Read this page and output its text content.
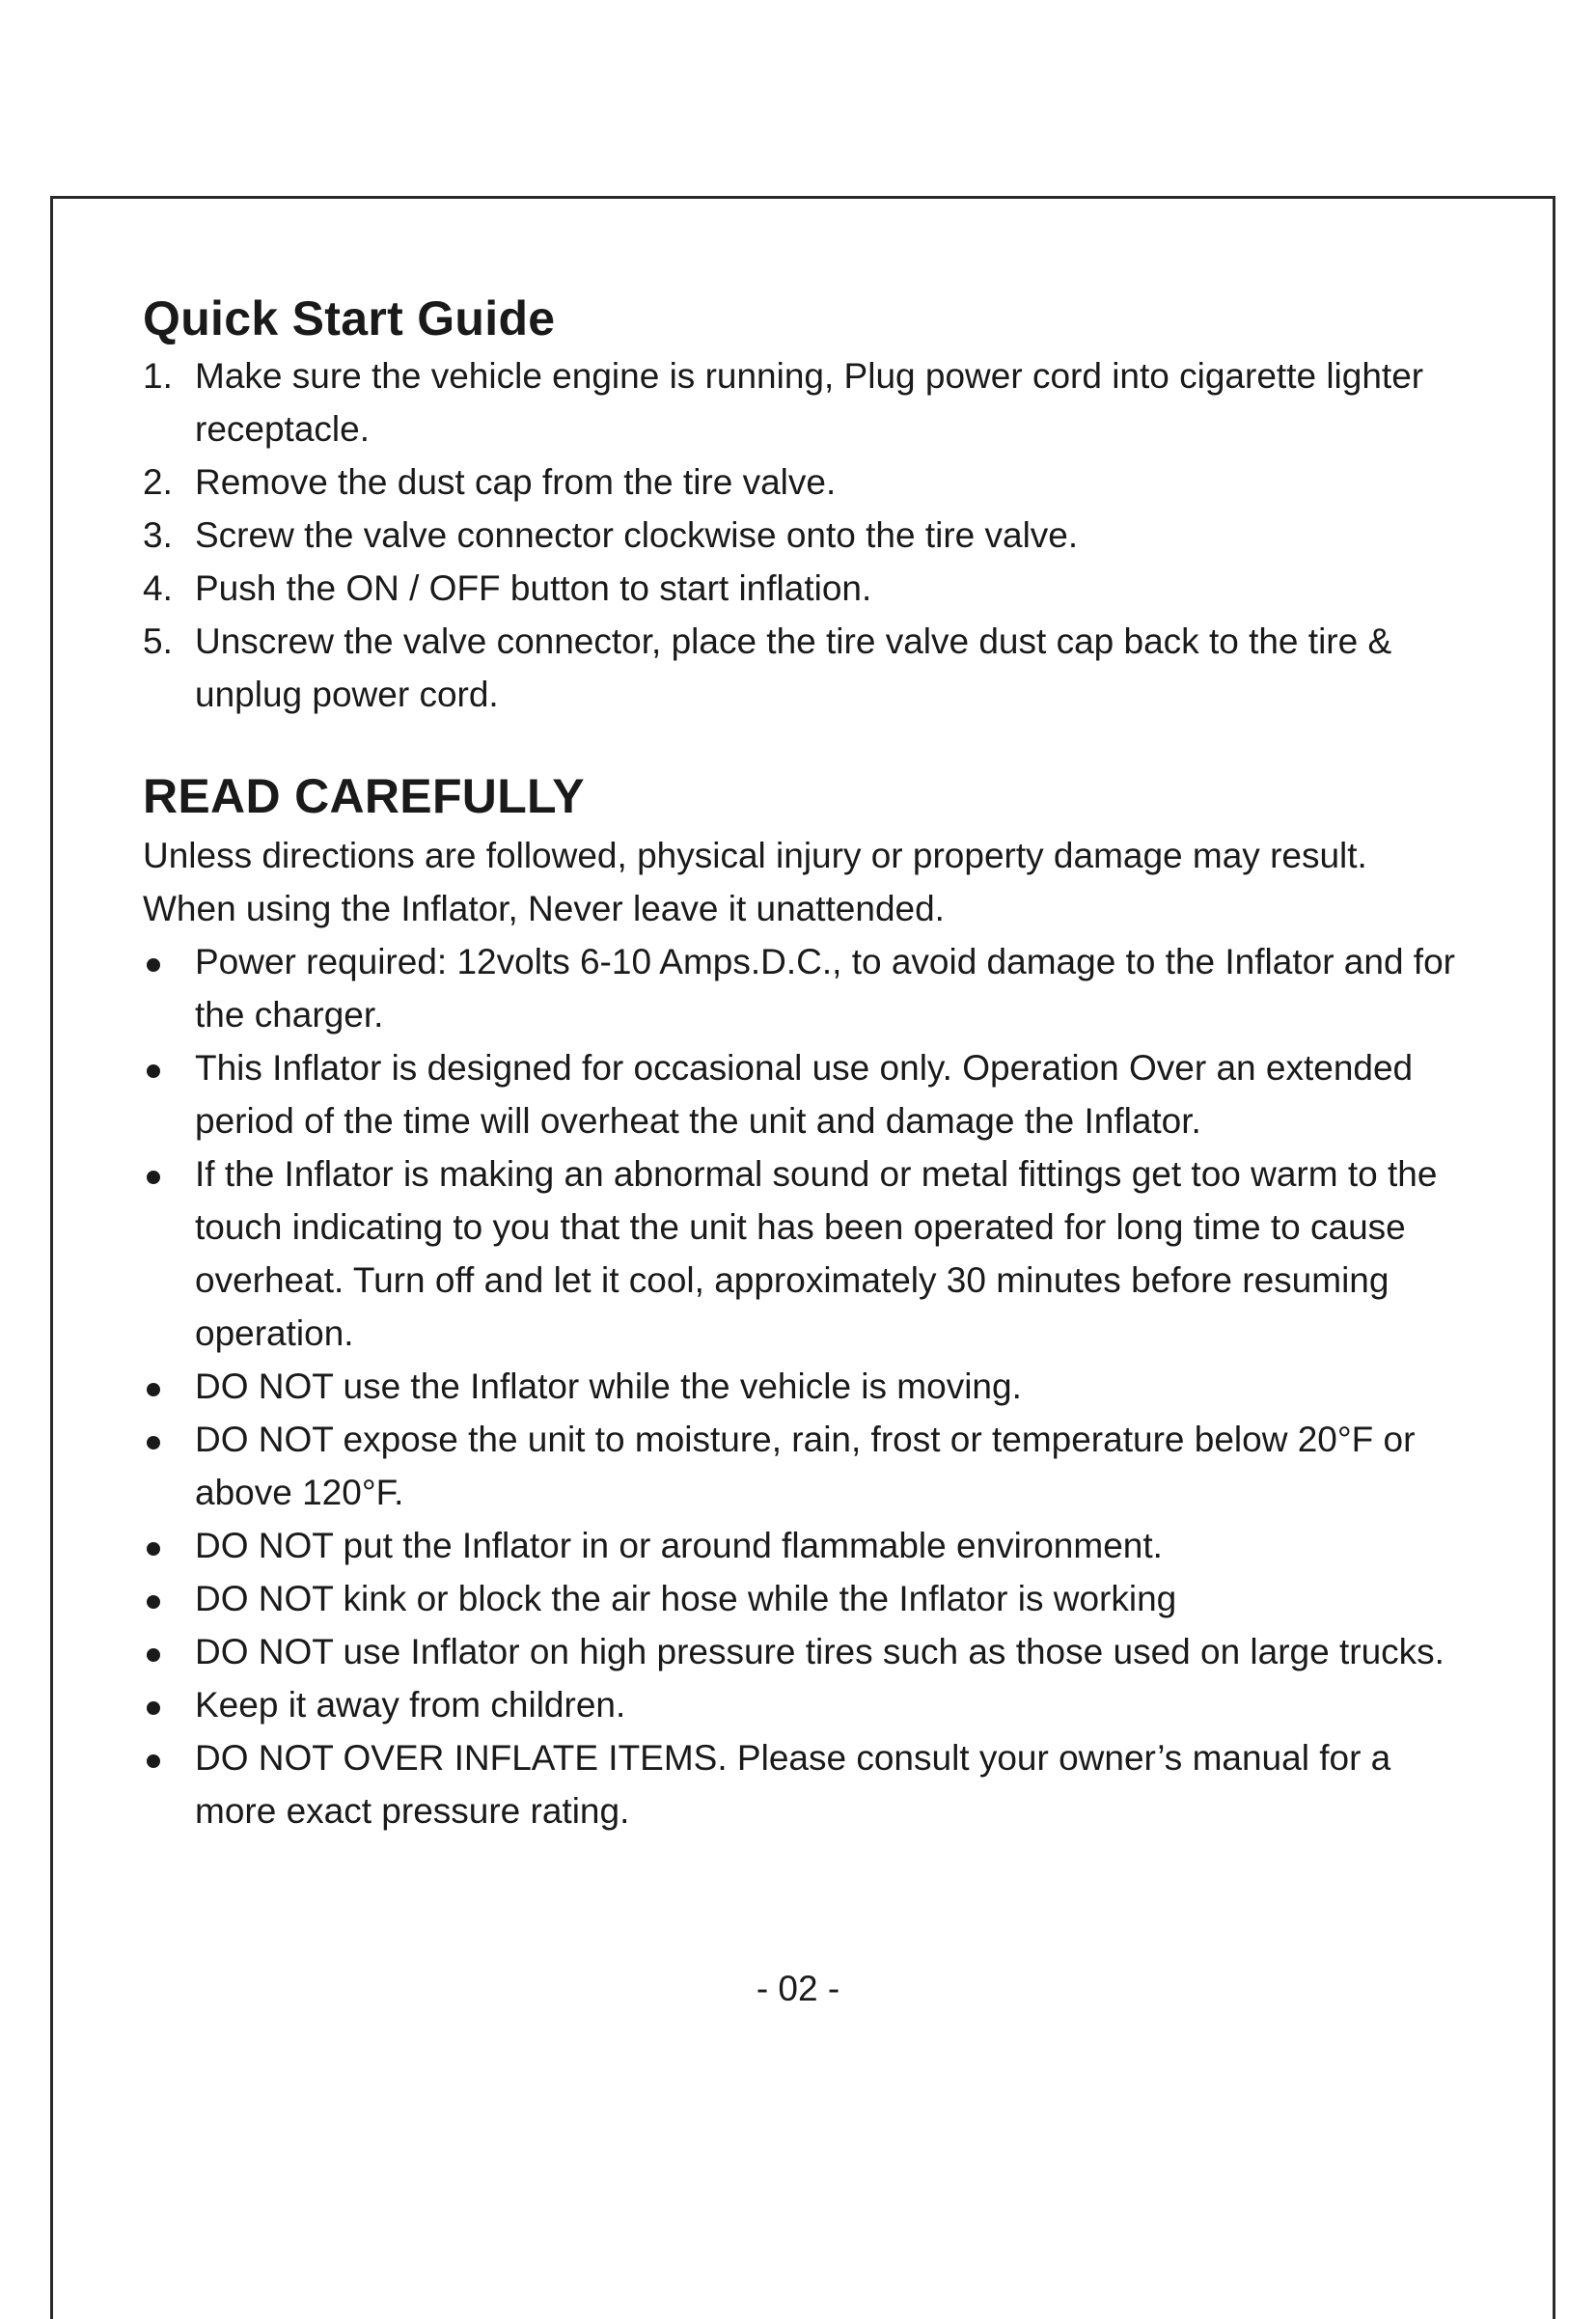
Quick Start Guide
1. Make sure the vehicle engine is running, Plug power cord into cigarette lighter receptacle.
2. Remove the dust cap from the tire valve.
3. Screw the valve connector clockwise onto the tire valve.
4. Push the ON / OFF button to start inflation.
5. Unscrew the valve connector, place the tire valve dust cap back to the tire & unplug power cord.
READ CAREFULLY

Unless directions are followed, physical injury or property damage may result.

When using the Inflator, Never leave it unattended.

Power required: 12volts 6-10 Amps.D.C., to avoid damage to the Inflator and for the charger.
This Inflator is designed for occasional use only. Operation Over an extended period of the time will overheat the unit and damage the Inflator.
If the Inflator is making an abnormal sound or metal fittings get too warm to the touch indicating to you that the unit has been operated for long time to cause overheat. Turn off and let it cool, approximately 30 minutes before resuming operation.
DO NOT use the Inflator while the vehicle is moving.
DO NOT expose the unit to moisture, rain, frost or temperature below 20°F or above 120°F.
DO NOT put the Inflator in or around flammable environment.
DO NOT kink or block the air hose while the Inflator is working
DO NOT use Inflator on high pressure tires such as those used on large trucks.
Keep it away from children.
DO NOT OVER INFLATE ITEMS. Please consult your owner’s manual for a more exact pressure rating.
- 02 -
